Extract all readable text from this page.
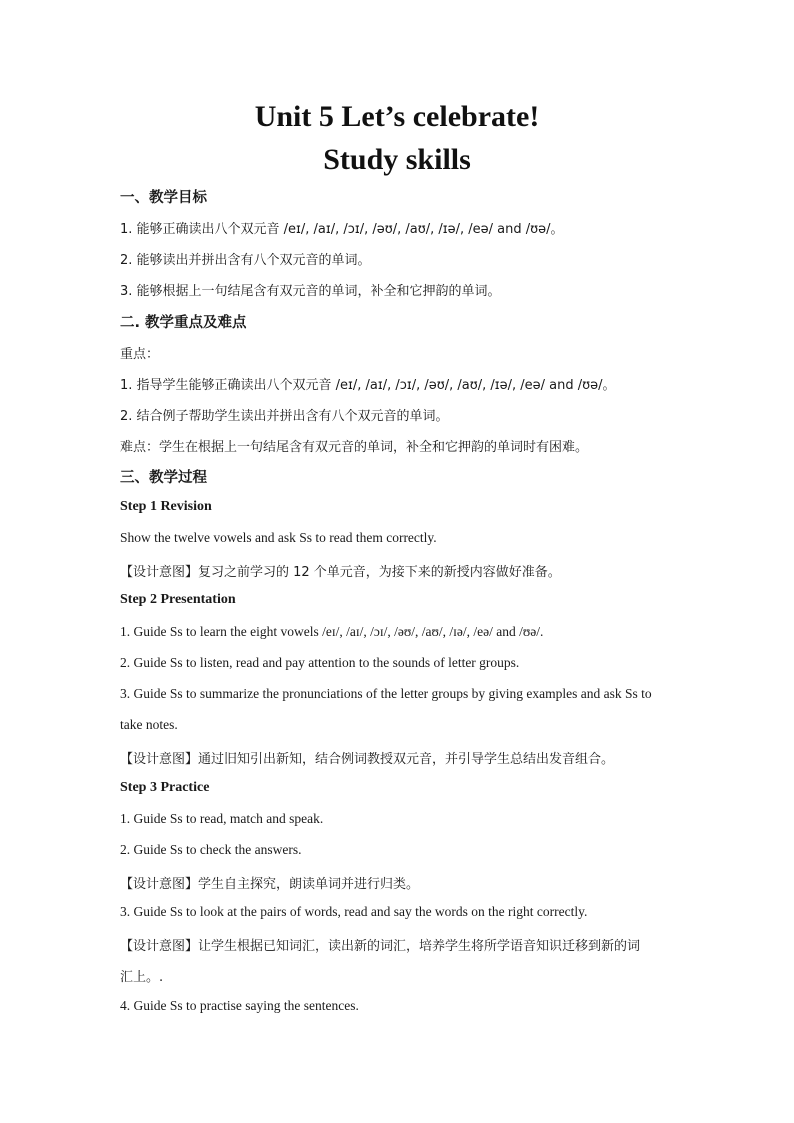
Unit 5 Let’s celebrate!
Study skills
一、教学目标
1. 能够正确读出八个双元音 /eɪ/, /aɪ/, /ɔɪ/, /əʊ/, /aʊ/, /ɪə/, /eə/ and /ʊə/。
2. 能够读出并拼出含有八个双元音的单词。
3. 能够根据上一句结尾含有双元音的单词，补全和它押韵的单词。
二. 教学重点及难点
重点：
1. 指导学生能够正确读出八个双元音 /eɪ/, /aɪ/, /ɔɪ/, /əʊ/, /aʊ/, /ɪə/, /eə/ and /ʊə/。
2. 结合例子帮助学生读出并拼出含有八个双元音的单词。
难点：学生在根据上一句结尾含有双元音的单词，补全和它押韵的单词时有困难。
三、教学过程
Step 1 Revision
Show the twelve vowels and ask Ss to read them correctly.
【设计意图】复习之前学习的 12 个单元音，为接下来的新授内容做好准备。
Step 2 Presentation
1. Guide Ss to learn the eight vowels /eɪ/, /aɪ/, /ɔɪ/, /əʊ/, /aʊ/, /ɪə/, /eə/ and /ʊə/.
2. Guide Ss to listen, read and pay attention to the sounds of letter groups.
3. Guide Ss to summarize the pronunciations of the letter groups by giving examples and ask Ss to
take notes.
【设计意图】通过旧知引出新知，结合例词教授双元音，并引导学生总结出发音组合。
Step 3 Practice
1. Guide Ss to read, match and speak.
2. Guide Ss to check the answers.
【设计意图】学生自主探究，朗读单词并进行归类。
3. Guide Ss to look at the pairs of words, read and say the words on the right correctly.
【设计意图】让学生根据已知词汇，读出新的词汇，培养学生将所学语音知识迁移到新的词
汇上。.
4. Guide Ss to practise saying the sentences.
